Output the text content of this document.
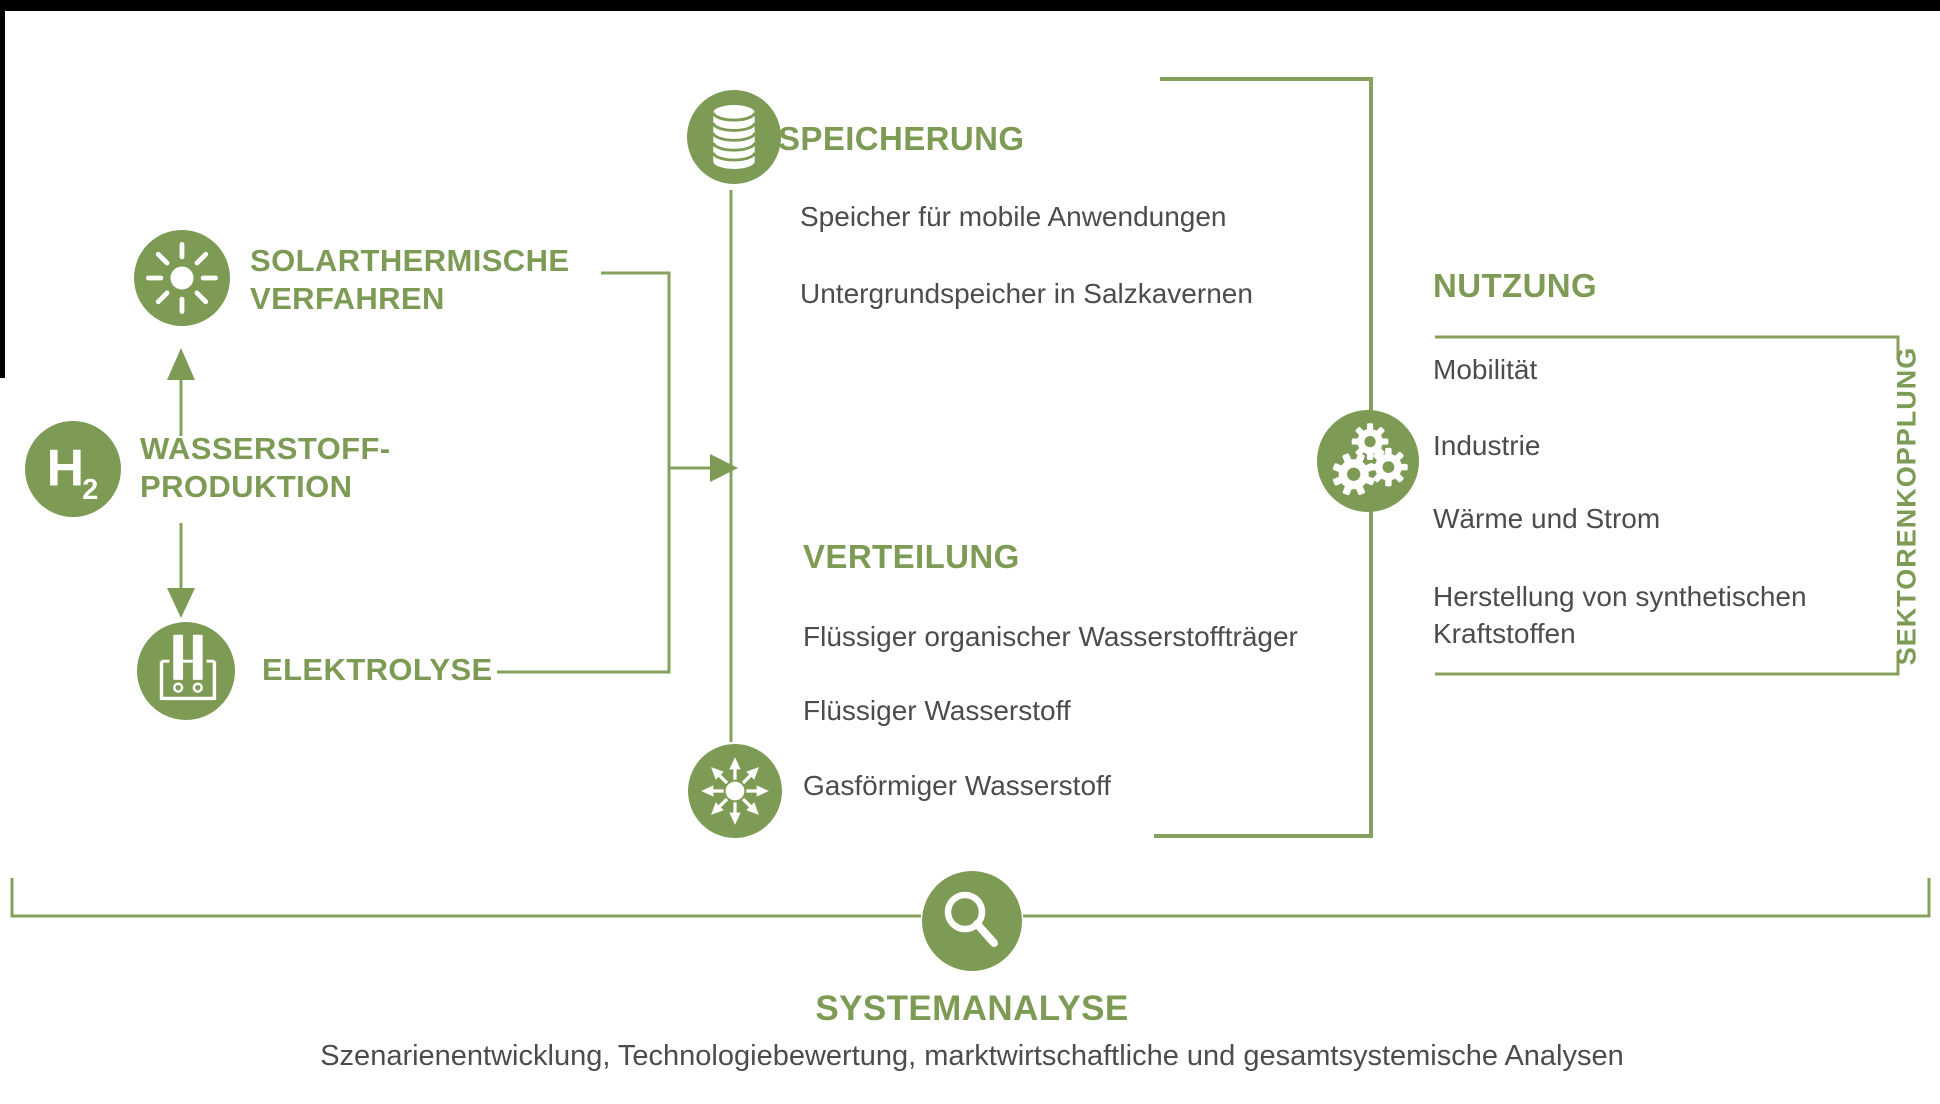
H
2
SOLARTHERMISCHE
VERFAHREN
WASSERSTOFF-
PRODUKTION
ELEKTROLYSE
SPEICHERUNG
Speicher für mobile Anwendungen
Untergrundspeicher in Salzkavernen
VERTEILUNG
Flüssiger organischer Wasserstoffträger
Flüssiger Wasserstoff
Gasförmiger Wasserstoff
NUTZUNG
Mobilität
Industrie
Wärme und Strom
Herstellung von synthetischen Kraftstoffen	SEKTORENKOPPLUNG
SYSTEMANALYSE
Szenarienentwicklung, Technologiebewertung, marktwirtschaftliche und gesamtsystemische Analysen
